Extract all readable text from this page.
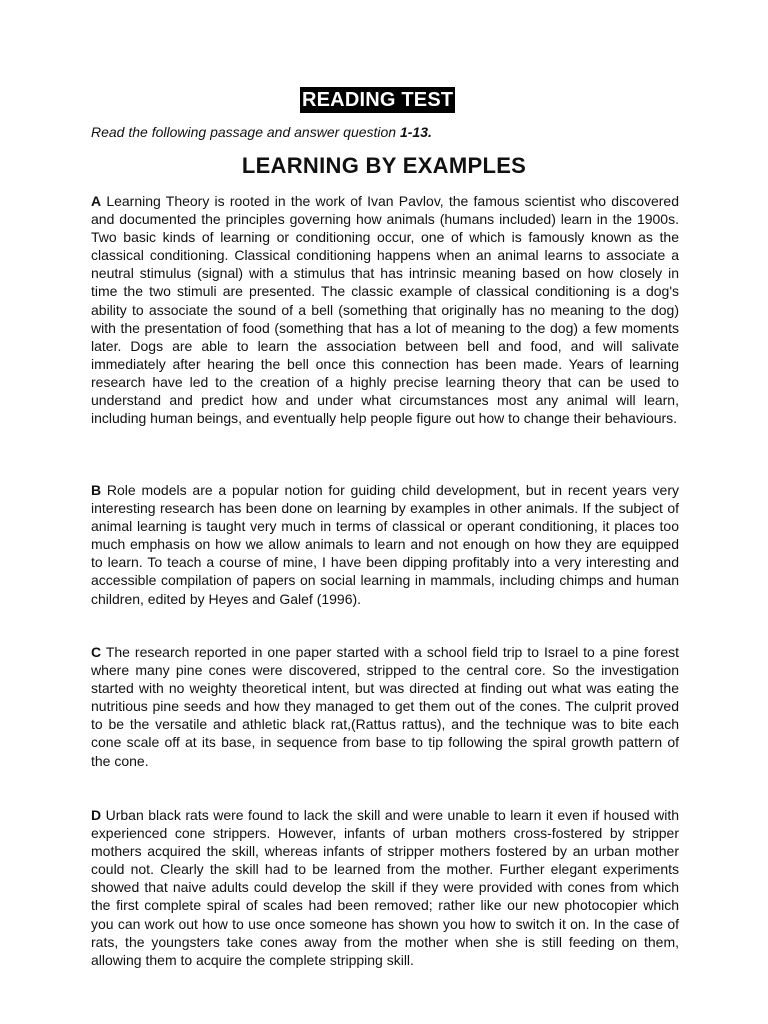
READING TEST
Read the following passage and answer question 1-13.
LEARNING BY EXAMPLES

A Learning Theory is rooted in the work of Ivan Pavlov, the famous scientist who discovered and documented the principles governing how animals (humans included) learn in the 1900s. Two basic kinds of learning or conditioning occur, one of which is famously known as the classical conditioning. Classical conditioning happens when an animal learns to associate a neutral stimulus (signal) with a stimulus that has intrinsic meaning based on how closely in time the two stimuli are presented. The classic example of classical conditioning is a dog's ability to associate the sound of a bell (something that originally has no meaning to the dog) with the presentation of food (something that has a lot of meaning to the dog) a few moments later. Dogs are able to learn the association between bell and food, and will salivate immediately after hearing the bell once this connection has been made. Years of learning research have led to the creation of a highly precise learning theory that can be used to understand and predict how and under what circumstances most any animal will learn, including human beings, and eventually help people figure out how to change their behaviours.

B Role models are a popular notion for guiding child development, but in recent years very interesting research has been done on learning by examples in other animals. If the subject of animal learning is taught very much in terms of classical or operant conditioning, it places too much emphasis on how we allow animals to learn and not enough on how they are equipped to learn. To teach a course of mine, I have been dipping profitably into a very interesting and accessible compilation of papers on social learning in mammals, including chimps and human children, edited by Heyes and Galef (1996).

C The research reported in one paper started with a school field trip to Israel to a pine forest where many pine cones were discovered, stripped to the central core. So the investigation started with no weighty theoretical intent, but was directed at finding out what was eating the nutritious pine seeds and how they managed to get them out of the cones. The culprit proved to be the versatile and athletic black rat,(Rattus rattus), and the technique was to bite each cone scale off at its base, in sequence from base to tip following the spiral growth pattern of the cone.

D Urban black rats were found to lack the skill and were unable to learn it even if housed with experienced cone strippers. However, infants of urban mothers cross-fostered by stripper mothers acquired the skill, whereas infants of stripper mothers fostered by an urban mother could not. Clearly the skill had to be learned from the mother. Further elegant experiments showed that naive adults could develop the skill if they were provided with cones from which the first complete spiral of scales had been removed; rather like our new photocopier which you can work out how to use once someone has shown you how to switch it on. In the case of rats, the youngsters take cones away from the mother when she is still feeding on them, allowing them to acquire the complete stripping skill.
